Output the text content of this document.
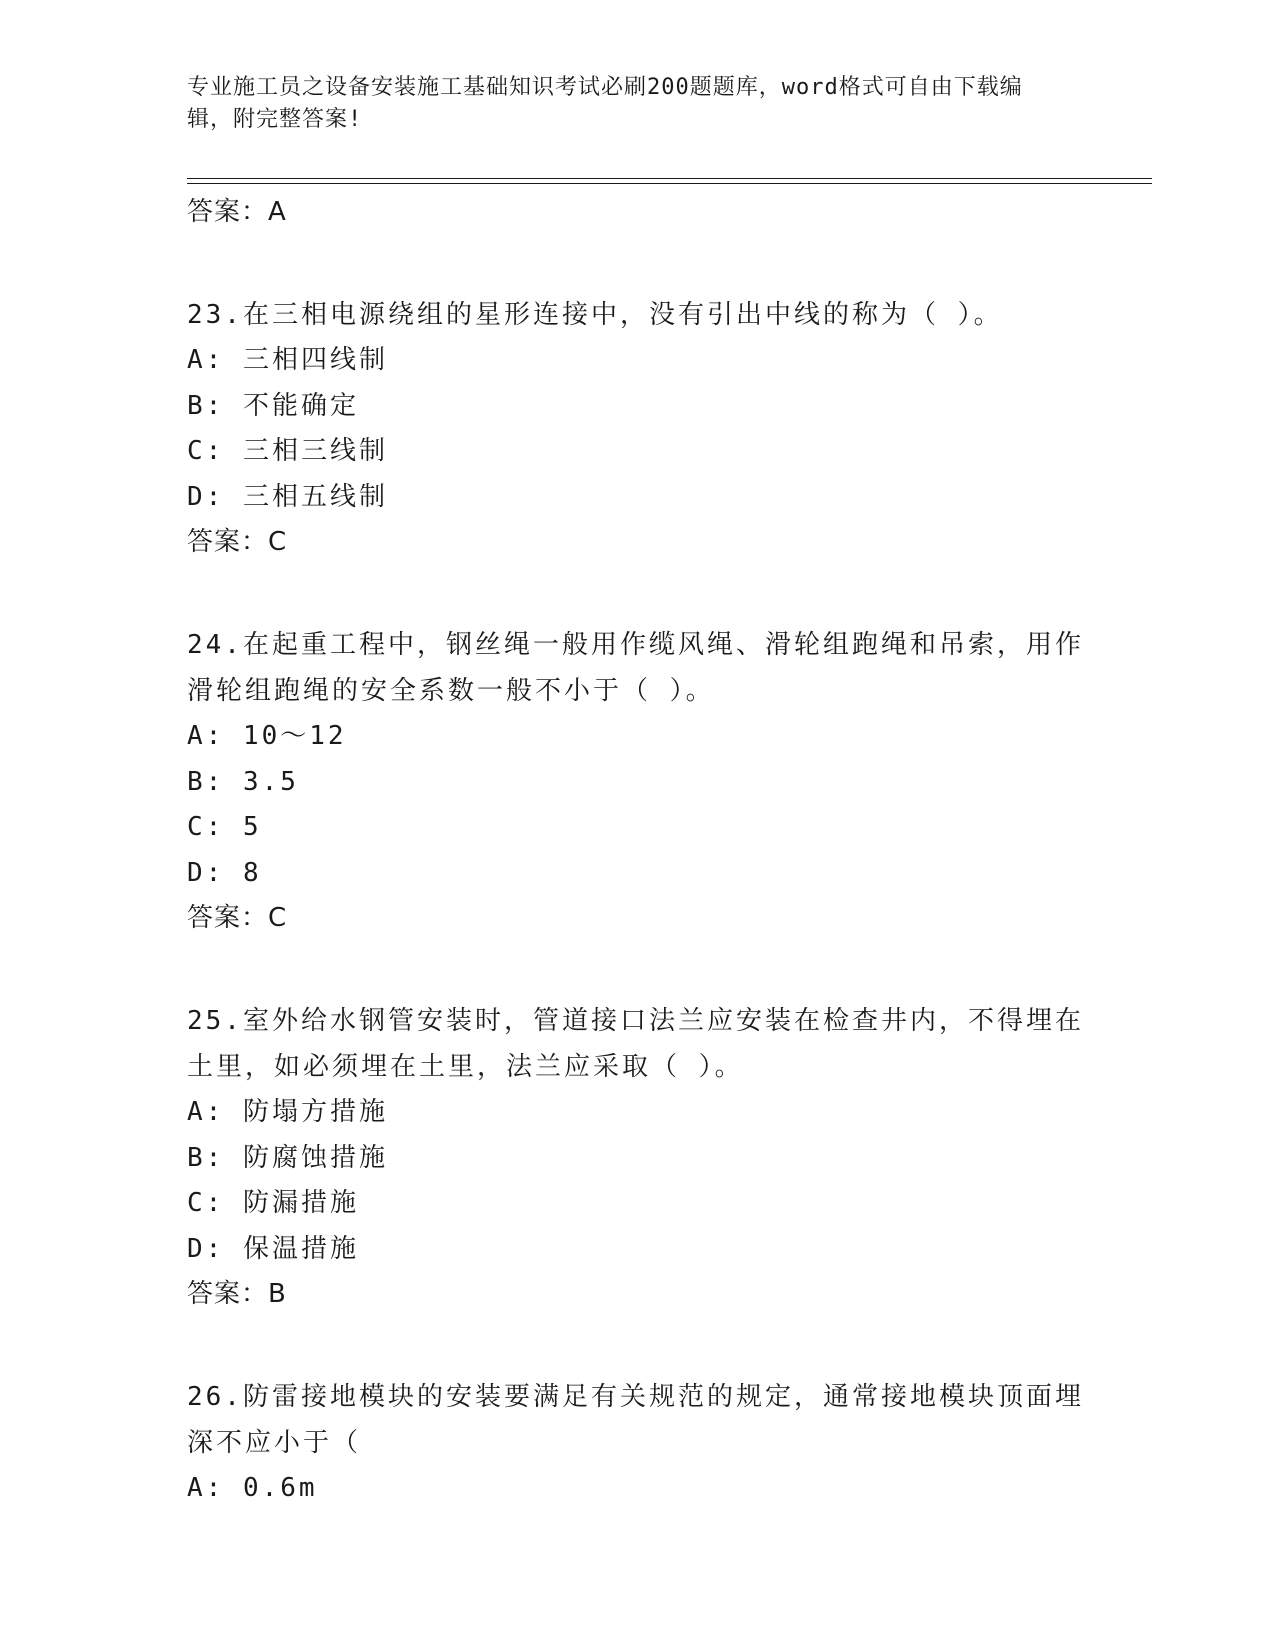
专业施工员之设备安装施工基础知识考试必刷200题题库，word格式可自由下载编辑，附完整答案!
答案：A
23.在三相电源绕组的星形连接中，没有引出中线的称为（ ）。
A: 三相四线制
B: 不能确定
C: 三相三线制
D: 三相五线制
答案：C
24.在起重工程中，钢丝绳一般用作缆风绳、滑轮组跑绳和吊索，用作滑轮组跑绳的安全系数一般不小于（ ）。
A: 10～12
B: 3.5
C: 5
D: 8
答案：C
25.室外给水钢管安装时，管道接口法兰应安装在检查井内，不得埋在土里，如必须埋在土里，法兰应采取（ ）。
A: 防塌方措施
B: 防腐蚀措施
C: 防漏措施
D: 保温措施
答案：B
26.防雷接地模块的安装要满足有关规范的规定，通常接地模块顶面埋深不应小于（
A: 0.6m
